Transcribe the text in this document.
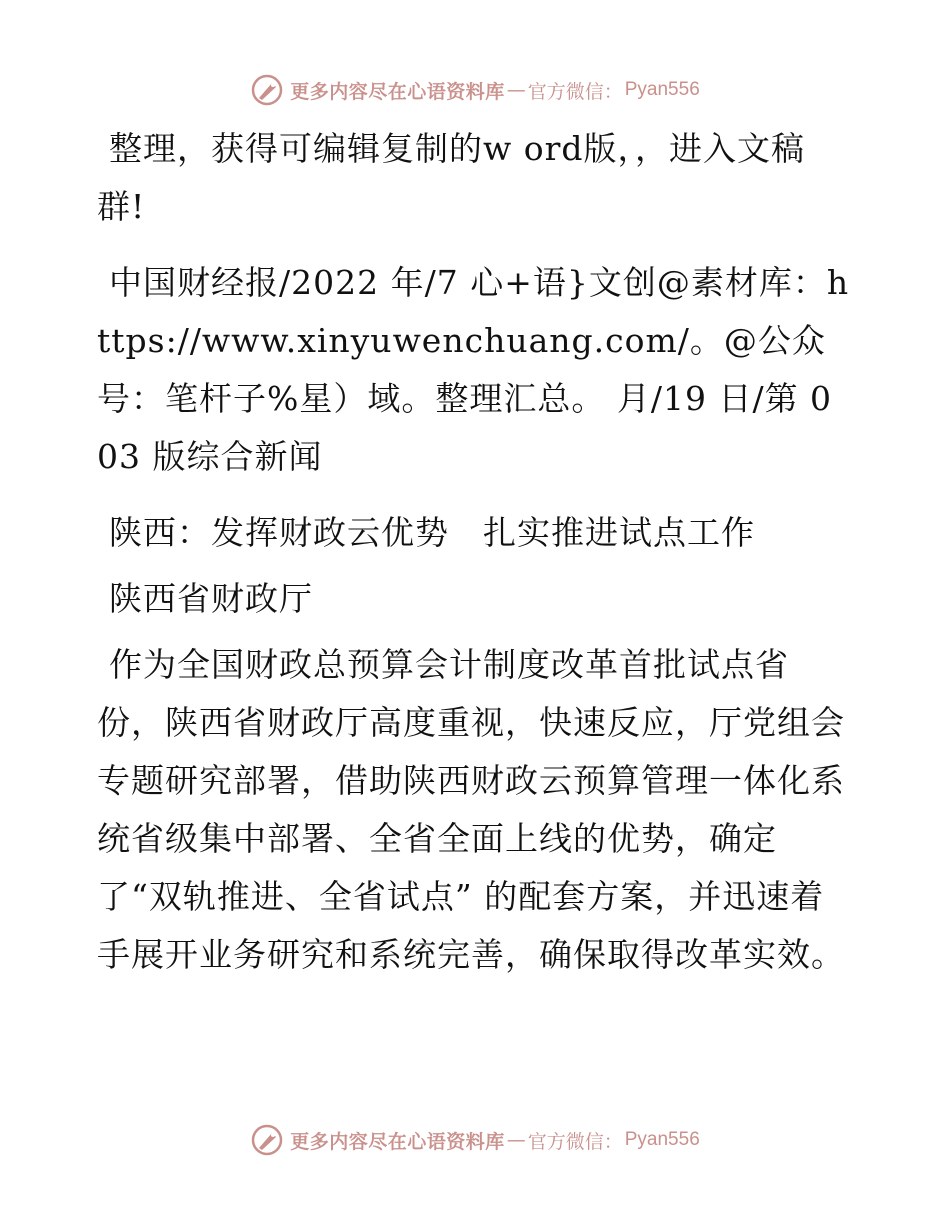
更多内容尽在心语资料库 — 官方微信： Pyan556

整理，获得可编辑复制的w ord版，，进入文稿群!

中国财经报/2022 年/7 心+语}文创@素材库：https://www.xinyuwenchuang.com/。@公众号：笔杆子%星）域。整理汇总。 月/19 日/第 003 版综合新闻

陕西：发挥财政云优势　扎实推进试点工作

陕西省财政厅

作为全国财政总预算会计制度改革首批试点省份，陕西省财政厅高度重视，快速反应，厅党组会专题研究部署，借助陕西财政云预算管理一体化系统省级集中部署、全省全面上线的优势，确定了“双轨推进、全省试点” 的配套方案，并迅速着手展开业务研究和系统完善，确保取得改革实效。

更多内容尽在心语资料库 — 官方微信： Pyan556
